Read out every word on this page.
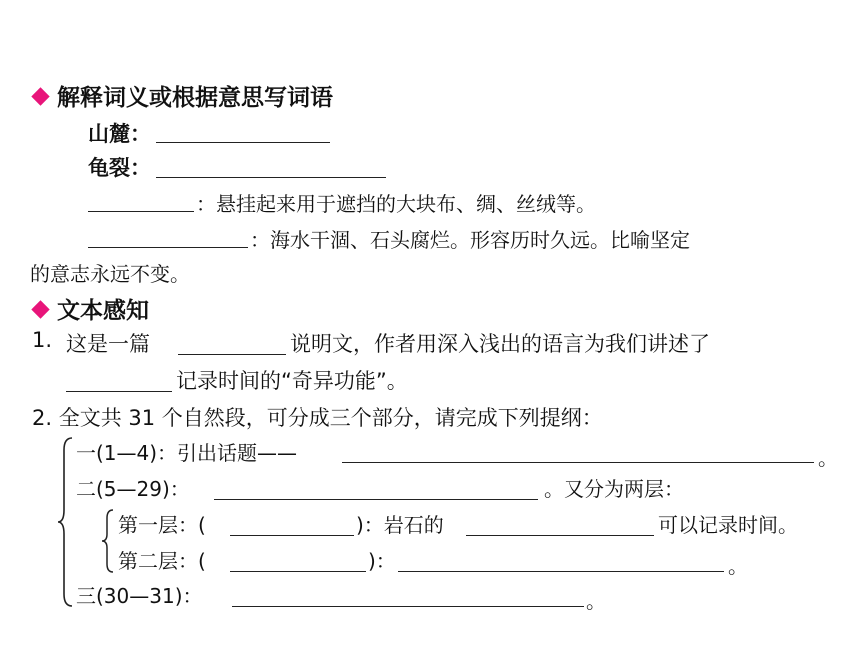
解释词义或根据意思写词语
山麓：
龟裂：
：悬挂起来用于遮挡的大块布、绸、丝绒等。
：海水干涸、石头腐烂。形容历时久远。比喻坚定
的意志永远不变。
文本感知
1. 这是一篇	说明文，作者用深入浅出的语言为我们讲述了
记录时间的“奇异功能”。
2. 全文共 31 个自然段，可分成三个部分，请完成下列提纲：
一(1—4)：引出话题——	。
二(5—29)：	。又分为两层：
第一层：(	)：岩石的	可以记录时间。
第二层：(	)：	。
三(30—31)：	。
